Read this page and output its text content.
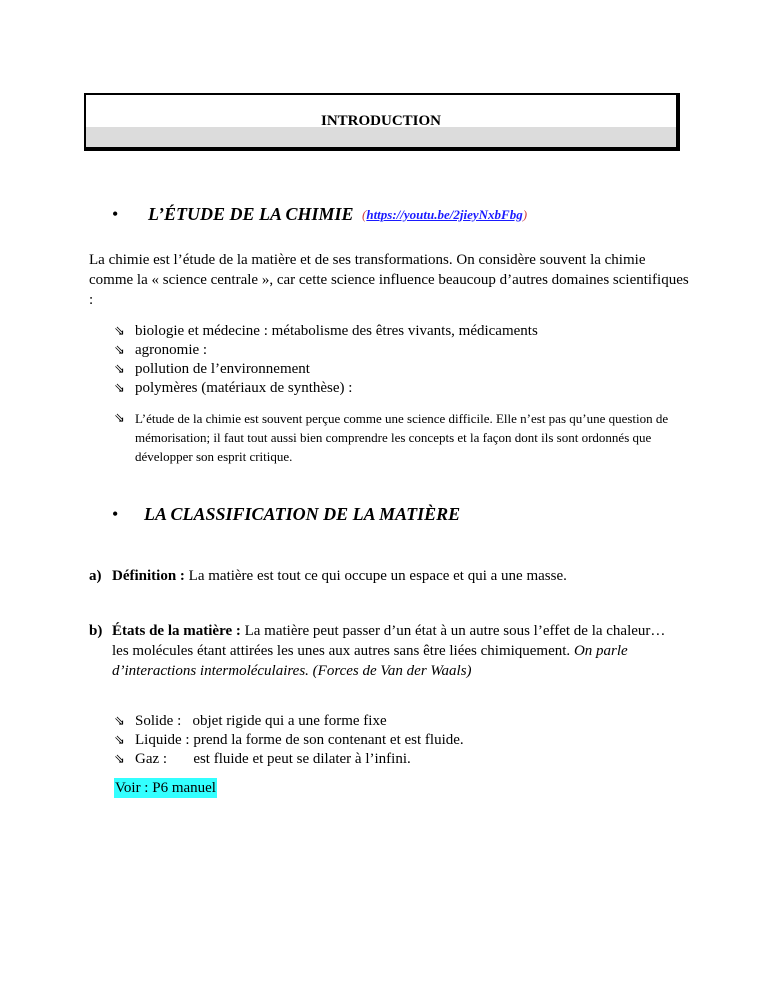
INTRODUCTION
• L’ÉTUDE DE LA CHIMIE (https://youtu.be/2jieyNxbFbg)
La chimie est l’étude de la matière et de ses transformations. On considère souvent la chimie comme la « science centrale », car cette science influence beaucoup d’autres domaines scientifiques :
⇘ biologie et médecine : métabolisme des êtres vivants, médicaments
⇘ agronomie :
⇘ pollution de l’environnement
⇘ polymères (matériaux de synthèse) :
⇘ L’étude de la chimie est souvent perçue comme une science difficile. Elle n’est pas qu’une question de mémorisation; il faut tout aussi bien comprendre les concepts et la façon dont ils sont ordonnés que développer son esprit critique.
• LA CLASSIFICATION DE LA MATIÈRE
a) Définition : La matière est tout ce qui occupe un espace et qui a une masse.
b) États de la matière : La matière peut passer d’un état à un autre sous l’effet de la chaleur…les molécules étant attirées les unes aux autres sans être liées chimiquement. On parle d’interactions intermoléculaires. (Forces de Van der Waals)
⇘ Solide :   objet rigide qui a une forme fixe
⇘ Liquide : prend la forme de son contenant et est fluide.
⇘ Gaz :       est fluide et peut se dilater à l’infini.
Voir : P6 manuel
